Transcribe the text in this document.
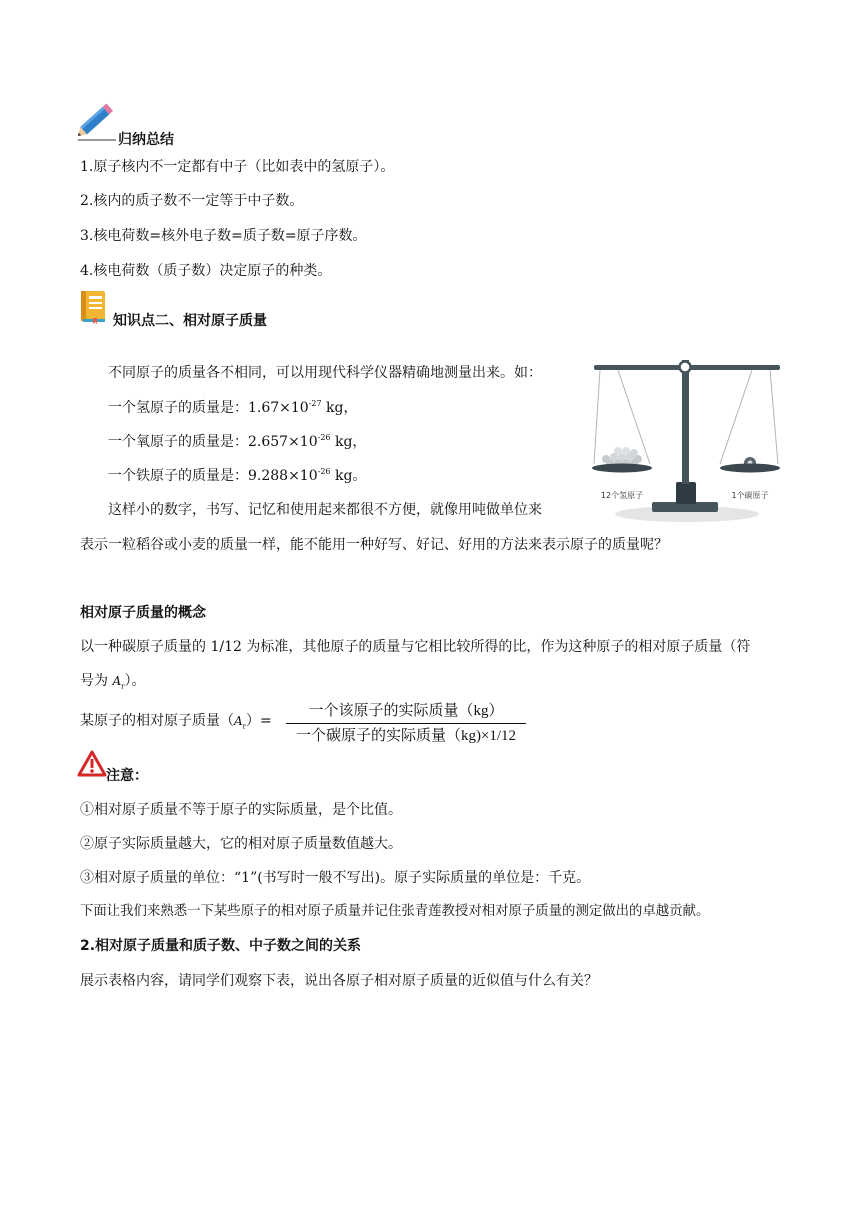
归纳总结
1.原子核内不一定都有中子（比如表中的氢原子）。
2.核内的质子数不一定等于中子数。
3.核电荷数=核外电子数=质子数=原子序数。
4.核电荷数（质子数）决定原子的种类。
知识点二、相对原子质量
不同原子的质量各不相同，可以用现代科学仪器精确地测量出来。如：
一个氢原子的质量是：$1.67\times 10^{-27}$ kg，
一个氧原子的质量是：$2.657\times 10^{-26}$ kg，
一个铁原子的质量是：$9.288\times 10^{-26}$ kg。
这样小的数字，书写、记忆和使用起来都很不方便，就像用吨做单位来
表示一粒稻谷或小麦的质量一样，能不能用一种好写、好记、好用的方法来表示原子的质量呢？
12个氢原子	1个碳原子
相对原子质量的概念
以一种碳原子质量的 1/12 为标准，其他原子的质量与它相比较所得的比，作为这种原子的相对原子质量（符
号为 $A_r$）。
某原子的相对原子质量$(A_r)=$
一个该原子的实际质量（kg）
一个碳原子的实际质量（kg)×1/12
注意：
①相对原子质量不等于原子的实际质量，是个比值。
②原子实际质量越大，它的相对原子质量数值越大。
③相对原子质量的单位：“1”(书写时一般不写出)。原子实际质量的单位是：千克。
下面让我们来熟悉一下某些原子的相对原子质量并记住张青莲教授对相对原子质量的测定做出的卓越贡献。
2.相对原子质量和质子数、中子数之间的关系
展示表格内容，请同学们观察下表，说出各原子相对原子质量的近似值与什么有关？
